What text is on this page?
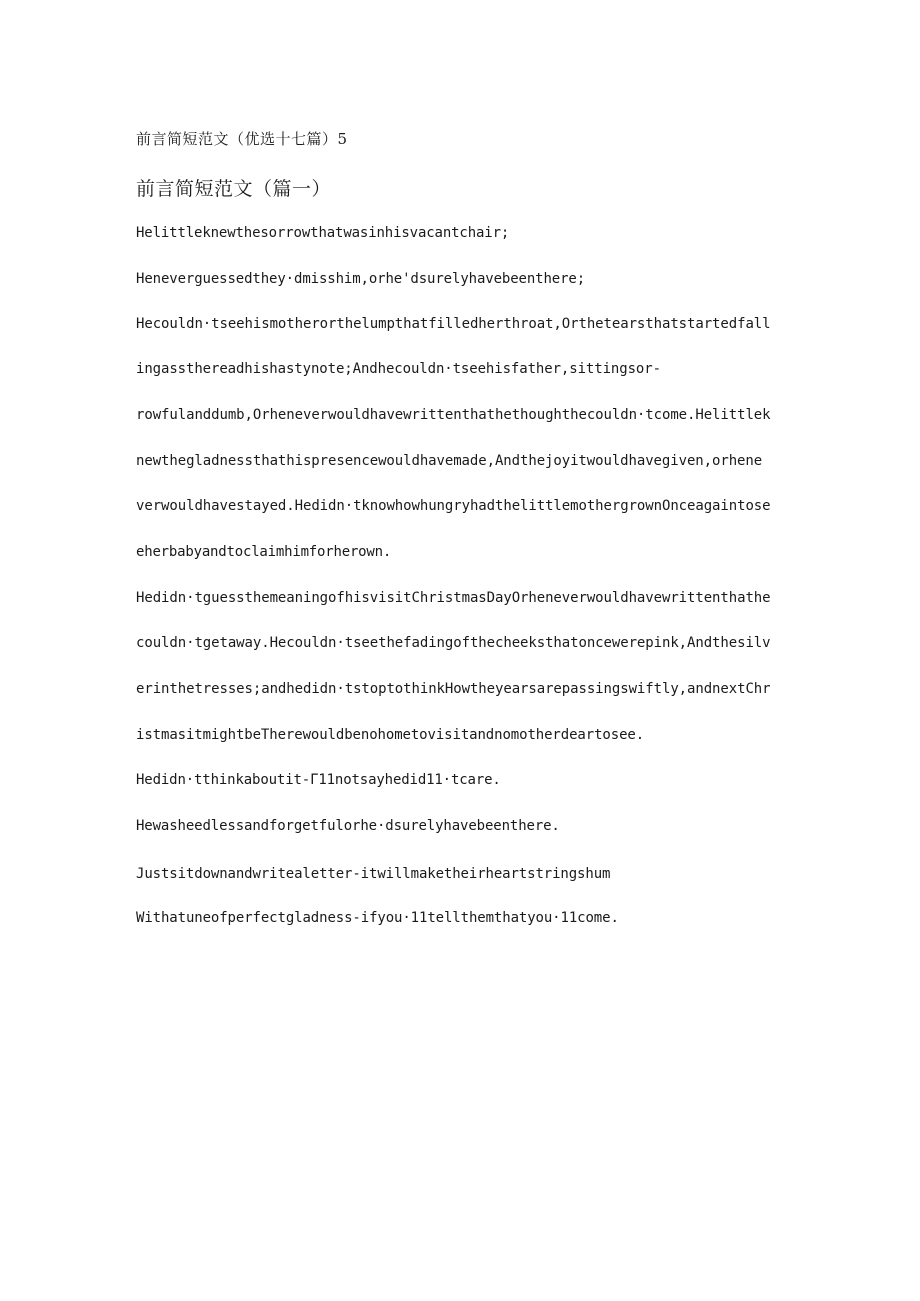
前言简短范文（优选十七篇）5
前言简短范文（篇一）
Helittleknewthesorrowthatwasinhisvacantchair;
Heneverguessedthey·dmisshim,orhe'dsurelyhavebeenthere;
Hecouldn·tseehismotherorthelumpthatfilledherthroat,Orthetearsthatstartedfall
ingassthereadhishastynote;Andhecouldn·tseehisfather,sittingsor-
rowfulanddumb,Orheneverwouldhavewrittenthathethoughthecouldn·tcome.Helittlek
newthegladnessthathispresencewouldhavemade,Andthejoyitwouldhavegiven,orhene
verwouldhavestayed.Hedidn·tknowhowhungryhadthelittlemothergrownOnceagaintose
eherbabyandtoclaimhimforherown.
Hedidn·tguessthemeaningofhisvisitChristmasDayOrheneverwouldhavewrittenthathe
couldn·tgetaway.Hecouldn·tseethefadingofthecheeksthatoncewerepink,Andthesilv
erinthetresses;andhedidn·tstoptothinkHowtheyearsarepassingswiftly,andnextChr
istmasitmightbeTherewouldbenohometovisitandnomotherdeartosee.
Hedidn·tthinkaboutit-Γ11notsayhedid11·tcare.
Hewasheedlessandforgetfulorhe·dsurelyhavebeenthere.
Justsitdownandwritealetter-itwillmaketheirheartstringshum
Withatuneofperfectgladness-ifyou·11tellthemthatyou·11come.
